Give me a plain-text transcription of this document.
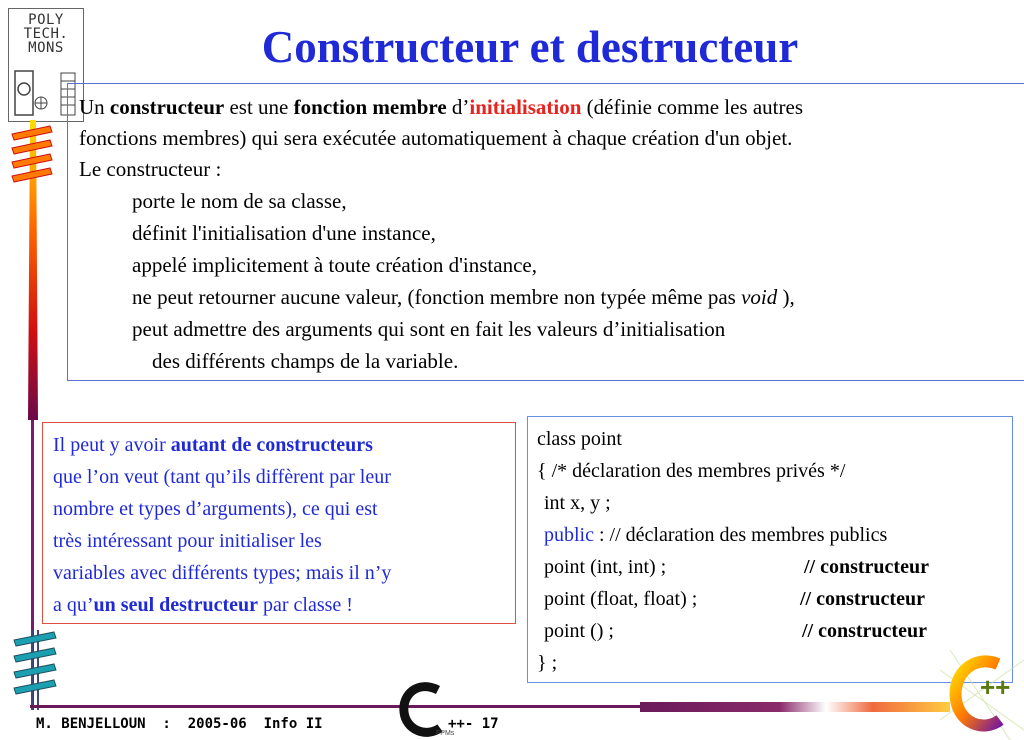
POLY
TECH.
MONS	Constructeur et destructeur
Un constructeur est une fonction membre d’initialisation (définie comme les autres
fonctions membres) qui sera exécutée automatiquement à chaque création d'un objet.
Le constructeur :
porte le nom de sa classe,
définit l'initialisation d'une instance,
appelé implicitement à toute création d'instance,
ne peut retourner aucune valeur, (fonction membre non typée même pas void ),
peut admettre des arguments qui sont en fait les valeurs d’initialisation
des différents champs de la variable.
Il peut y avoir autant de constructeurs
que l’on veut (tant qu’ils diffèrent par leur
nombre et types d’arguments), ce qui est
très intéressant pour initialiser les
variables avec différents types; mais il n’y
a qu’un seul destructeur par classe !
class point
{ /* déclaration des membres privés */
int x, y ;
public : // déclaration des membres publics
point (int, int) ;	// constructeur
point (float, float) ;	// constructeur
point () ;	// constructeur
} ;
+
FPMs
M. BENJELLOUN  :  2005-06  Info II	++- 17
++
